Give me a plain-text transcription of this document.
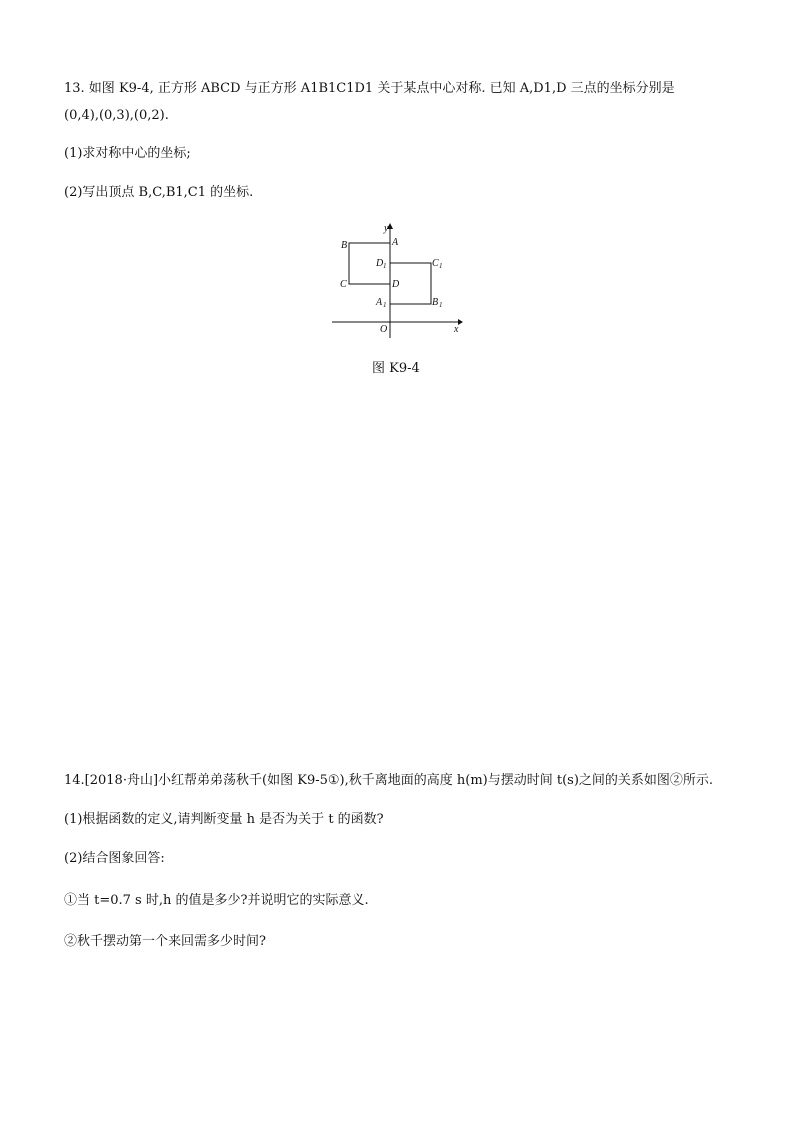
13. 如图 K9-4, 正方形 ABCD 与正方形 A1B1C1D1 关于某点中心对称. 已知 A,D1,D 三点的坐标分别是
(0,4),(0,3),(0,2).
(1)求对称中心的坐标;
(2)写出顶点 B,C,B1,C1 的坐标.
y
x
O
A
B
C	D
D 1	C 1
A 1	B 1
图 K9-4
14.[2018·舟山]小红帮弟弟荡秋千(如图 K9-5①),秋千离地面的高度 h(m)与摆动时间 t(s)之间的关系如图②所示.
(1)根据函数的定义,请判断变量 h 是否为关于 t 的函数?
(2)结合图象回答:
①当 t=0.7 s 时,h 的值是多少?并说明它的实际意义.
②秋千摆动第一个来回需多少时间?
